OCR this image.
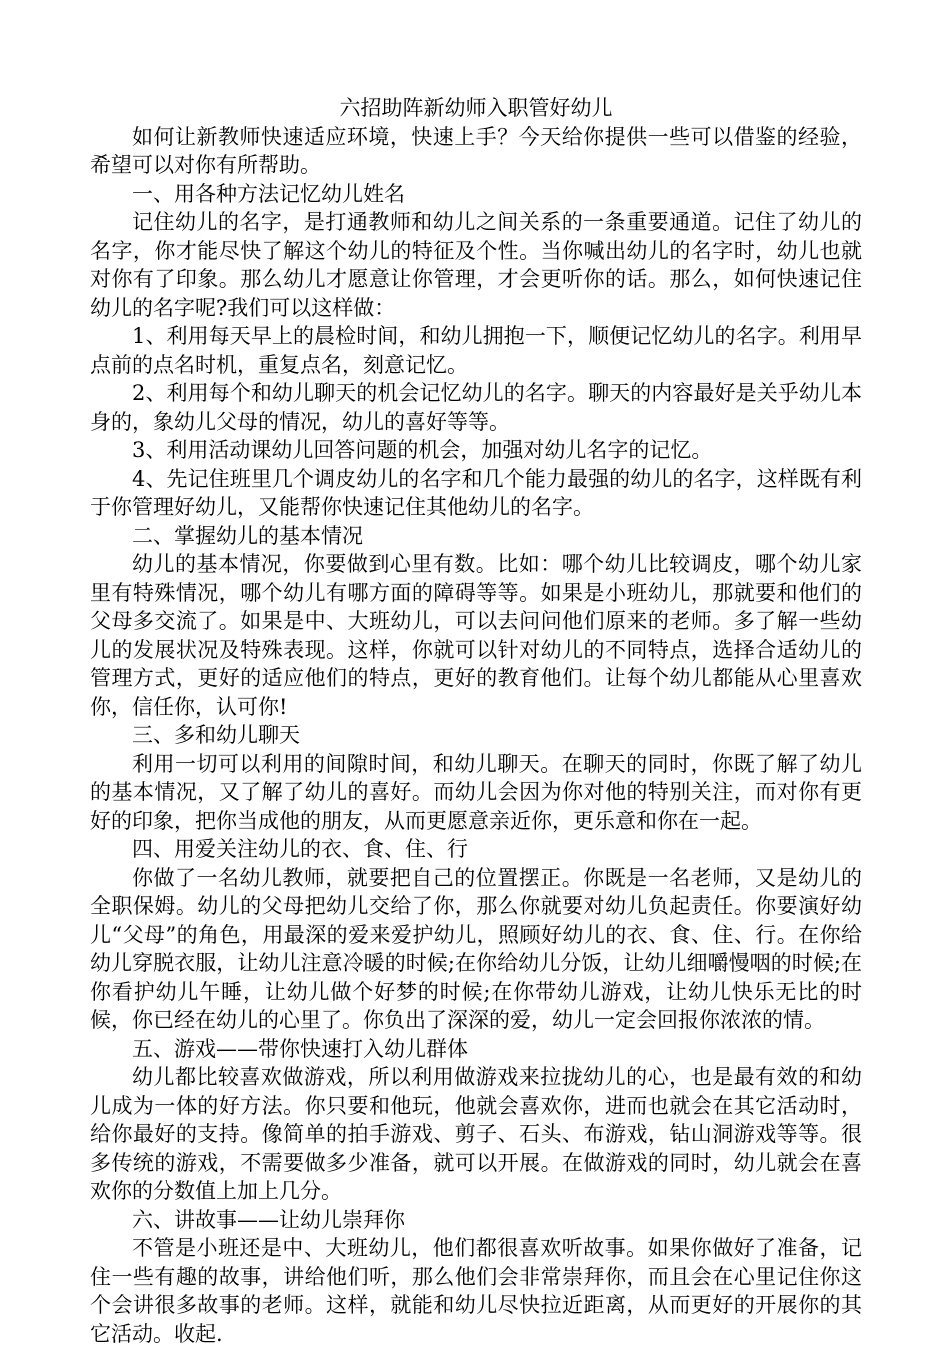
六招助阵新幼师入职管好幼儿

如何让新教师快速适应环境，快速上手？今天给你提供一些可以借鉴的经验，希望可以对你有所帮助。

一、用各种方法记忆幼儿姓名

记住幼儿的名字，是打通教师和幼儿之间关系的一条重要通道。记住了幼儿的名字，你才能尽快了解这个幼儿的特征及个性。当你喊出幼儿的名字时，幼儿也就对你有了印象。那么幼儿才愿意让你管理，才会更听你的话。那么，如何快速记住幼儿的名字呢?我们可以这样做：

1、利用每天早上的晨检时间，和幼儿拥抱一下，顺便记忆幼儿的名字。利用早点前的点名时机，重复点名，刻意记忆。

2、利用每个和幼儿聊天的机会记忆幼儿的名字。聊天的内容最好是关乎幼儿本身的，象幼儿父母的情况，幼儿的喜好等等。

3、利用活动课幼儿回答问题的机会，加强对幼儿名字的记忆。

4、先记住班里几个调皮幼儿的名字和几个能力最强的幼儿的名字，这样既有利于你管理好幼儿，又能帮你快速记住其他幼儿的名字。

二、掌握幼儿的基本情况

幼儿的基本情况，你要做到心里有数。比如：哪个幼儿比较调皮，哪个幼儿家里有特殊情况，哪个幼儿有哪方面的障碍等等。如果是小班幼儿，那就要和他们的父母多交流了。如果是中、大班幼儿，可以去问问他们原来的老师。多了解一些幼儿的发展状况及特殊表现。这样，你就可以针对幼儿的不同特点，选择合适幼儿的管理方式，更好的适应他们的特点，更好的教育他们。让每个幼儿都能从心里喜欢你，信任你，认可你!

三、多和幼儿聊天

利用一切可以利用的间隙时间，和幼儿聊天。在聊天的同时，你既了解了幼儿的基本情况，又了解了幼儿的喜好。而幼儿会因为你对他的特别关注，而对你有更好的印象，把你当成他的朋友，从而更愿意亲近你，更乐意和你在一起。

四、用爱关注幼儿的衣、食、住、行

你做了一名幼儿教师，就要把自己的位置摆正。你既是一名老师，又是幼儿的全职保姆。幼儿的父母把幼儿交给了你，那么你就要对幼儿负起责任。你要演好幼儿“父母”的角色，用最深的爱来爱护幼儿，照顾好幼儿的衣、食、住、行。在你给幼儿穿脱衣服，让幼儿注意冷暖的时候;在你给幼儿分饭，让幼儿细嚼慢咽的时候;在你看护幼儿午睡，让幼儿做个好梦的时候;在你带幼儿游戏，让幼儿快乐无比的时候，你已经在幼儿的心里了。你负出了深深的爱，幼儿一定会回报你浓浓的情。

五、游戏——带你快速打入幼儿群体

幼儿都比较喜欢做游戏，所以利用做游戏来拉拢幼儿的心，也是最有效的和幼儿成为一体的好方法。你只要和他玩，他就会喜欢你，进而也就会在其它活动时，给你最好的支持。像简单的拍手游戏、剪子、石头、布游戏，钻山洞游戏等等。很多传统的游戏，不需要做多少准备，就可以开展。在做游戏的同时，幼儿就会在喜欢你的分数值上加上几分。

六、讲故事——让幼儿崇拜你

不管是小班还是中、大班幼儿，他们都很喜欢听故事。如果你做好了准备，记住一些有趣的故事，讲给他们听，那么他们会非常崇拜你，而且会在心里记住你这个会讲很多故事的老师。这样，就能和幼儿尽快拉近距离，从而更好的开展你的其它活动。收起.
